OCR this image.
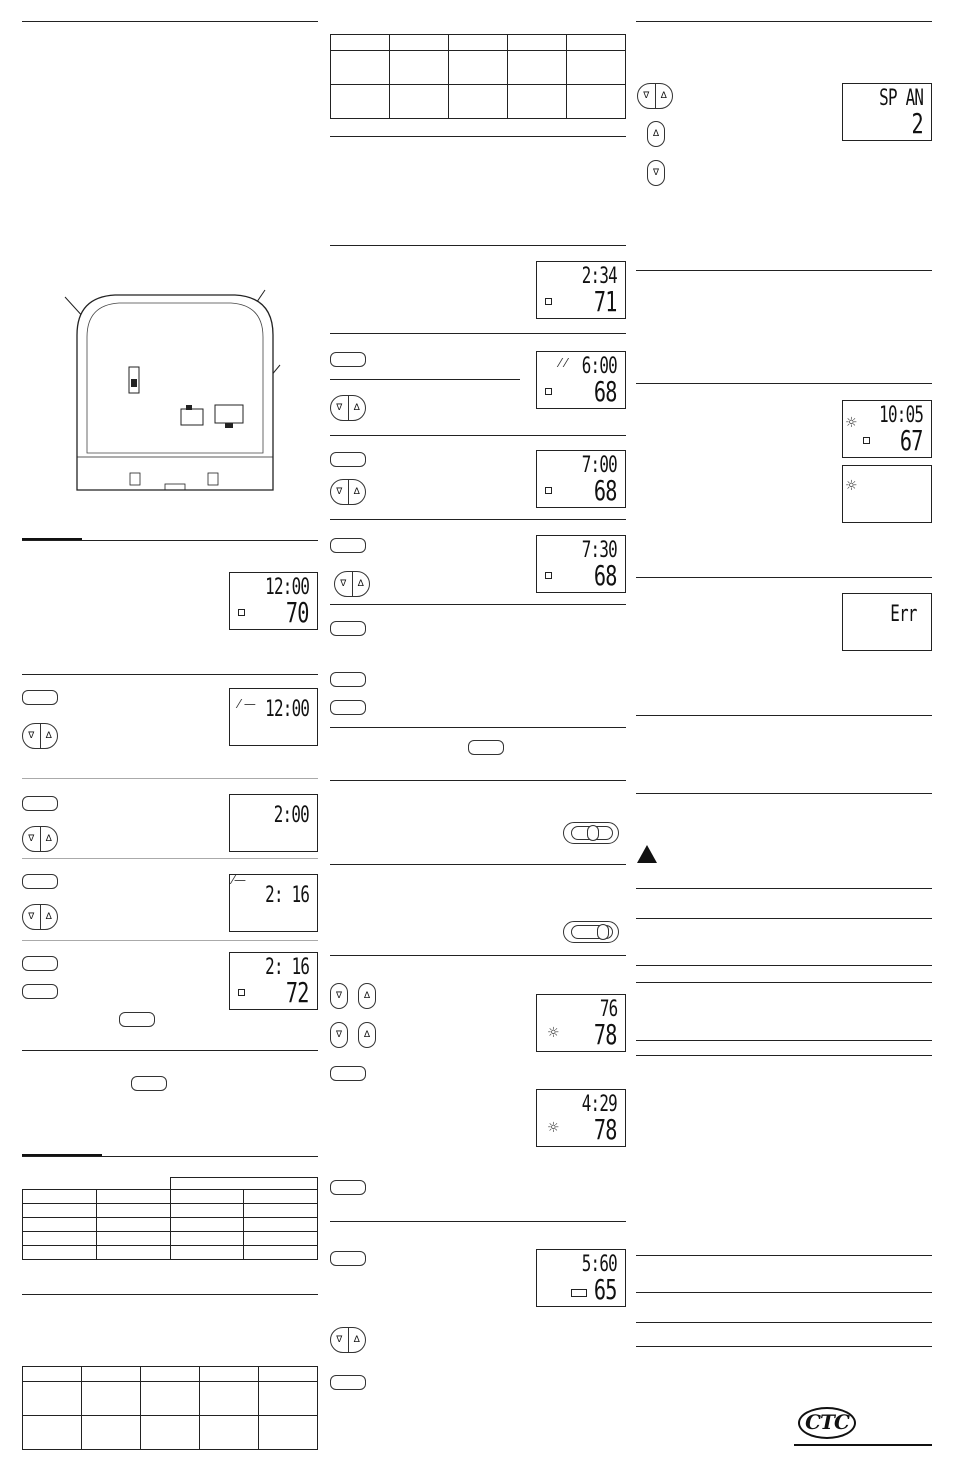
12:00
70
∇	∆
12:00
⁄ —
∇	∆
2:00
∇	∆
2: 16
⁄—
2: 16
72

2:34
71
∇	∆
6:00
⁄ ⁄
68
∇	∆
7:00
68
∇	∆
7:30
68
∇ ∆
∇ ∆
76
☼ 78
4:29
☼ 78
5:60
65
∇	∆
∇	∆
∆
∇
SP AN
2
10:05
☼
67
☼
Err
CTC
